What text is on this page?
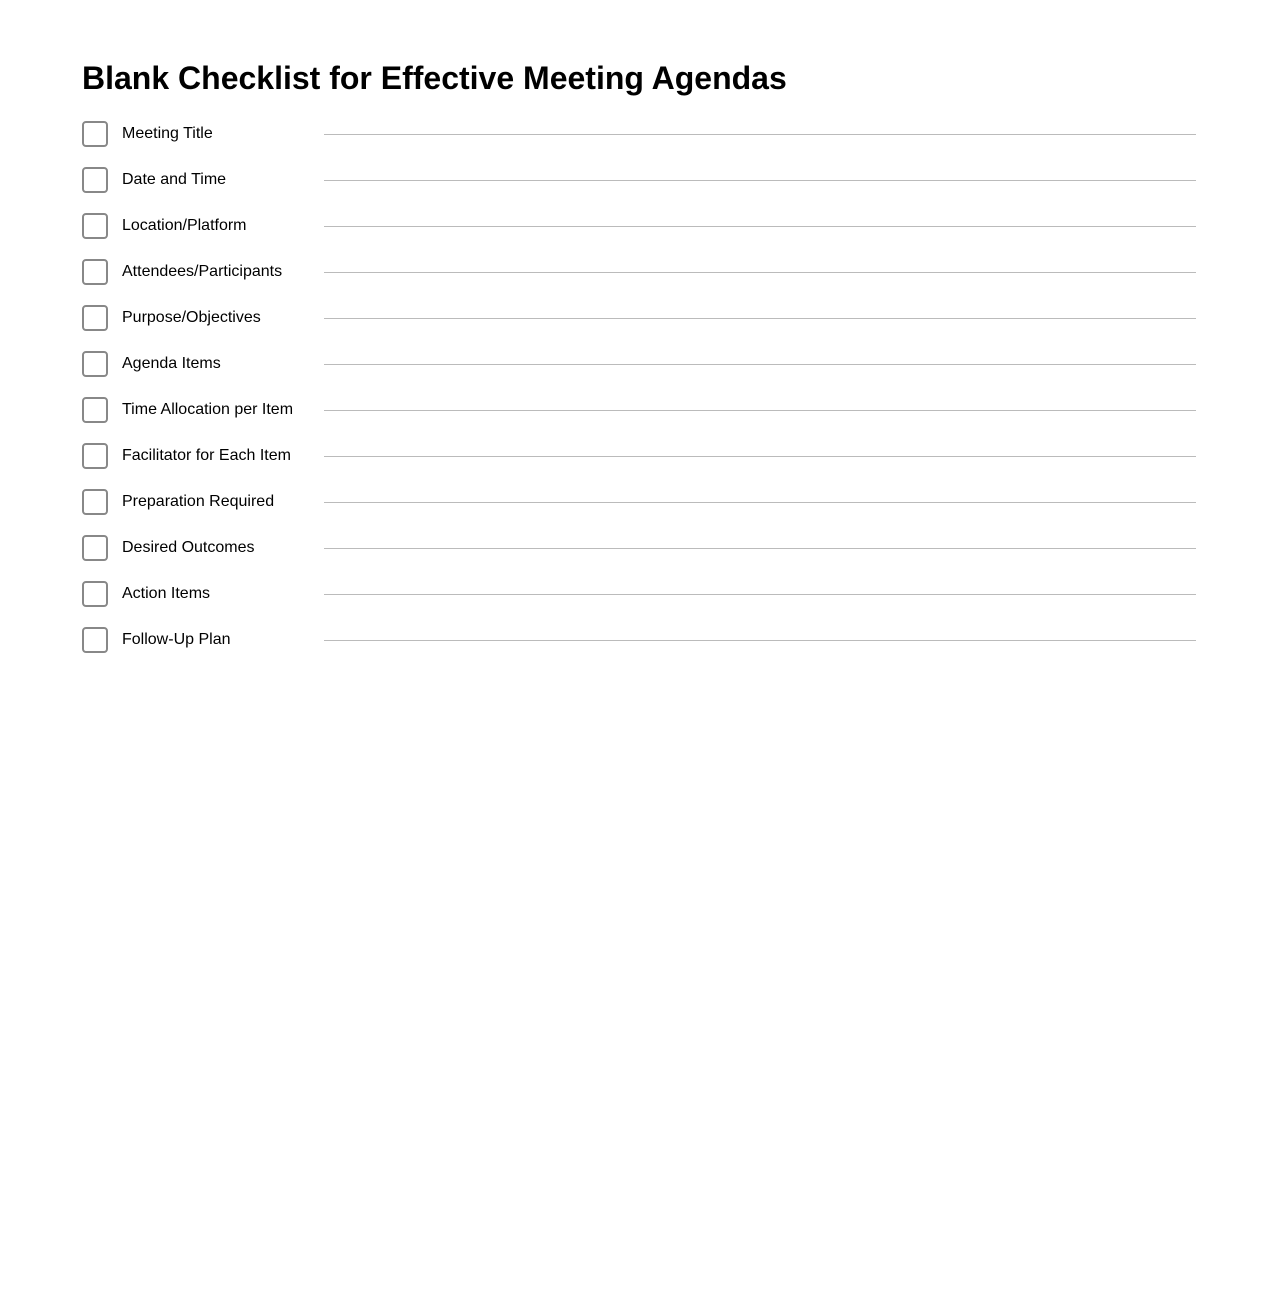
Blank Checklist for Effective Meeting Agendas
Meeting Title
Date and Time
Location/Platform
Attendees/Participants
Purpose/Objectives
Agenda Items
Time Allocation per Item
Facilitator for Each Item
Preparation Required
Desired Outcomes
Action Items
Follow-Up Plan
